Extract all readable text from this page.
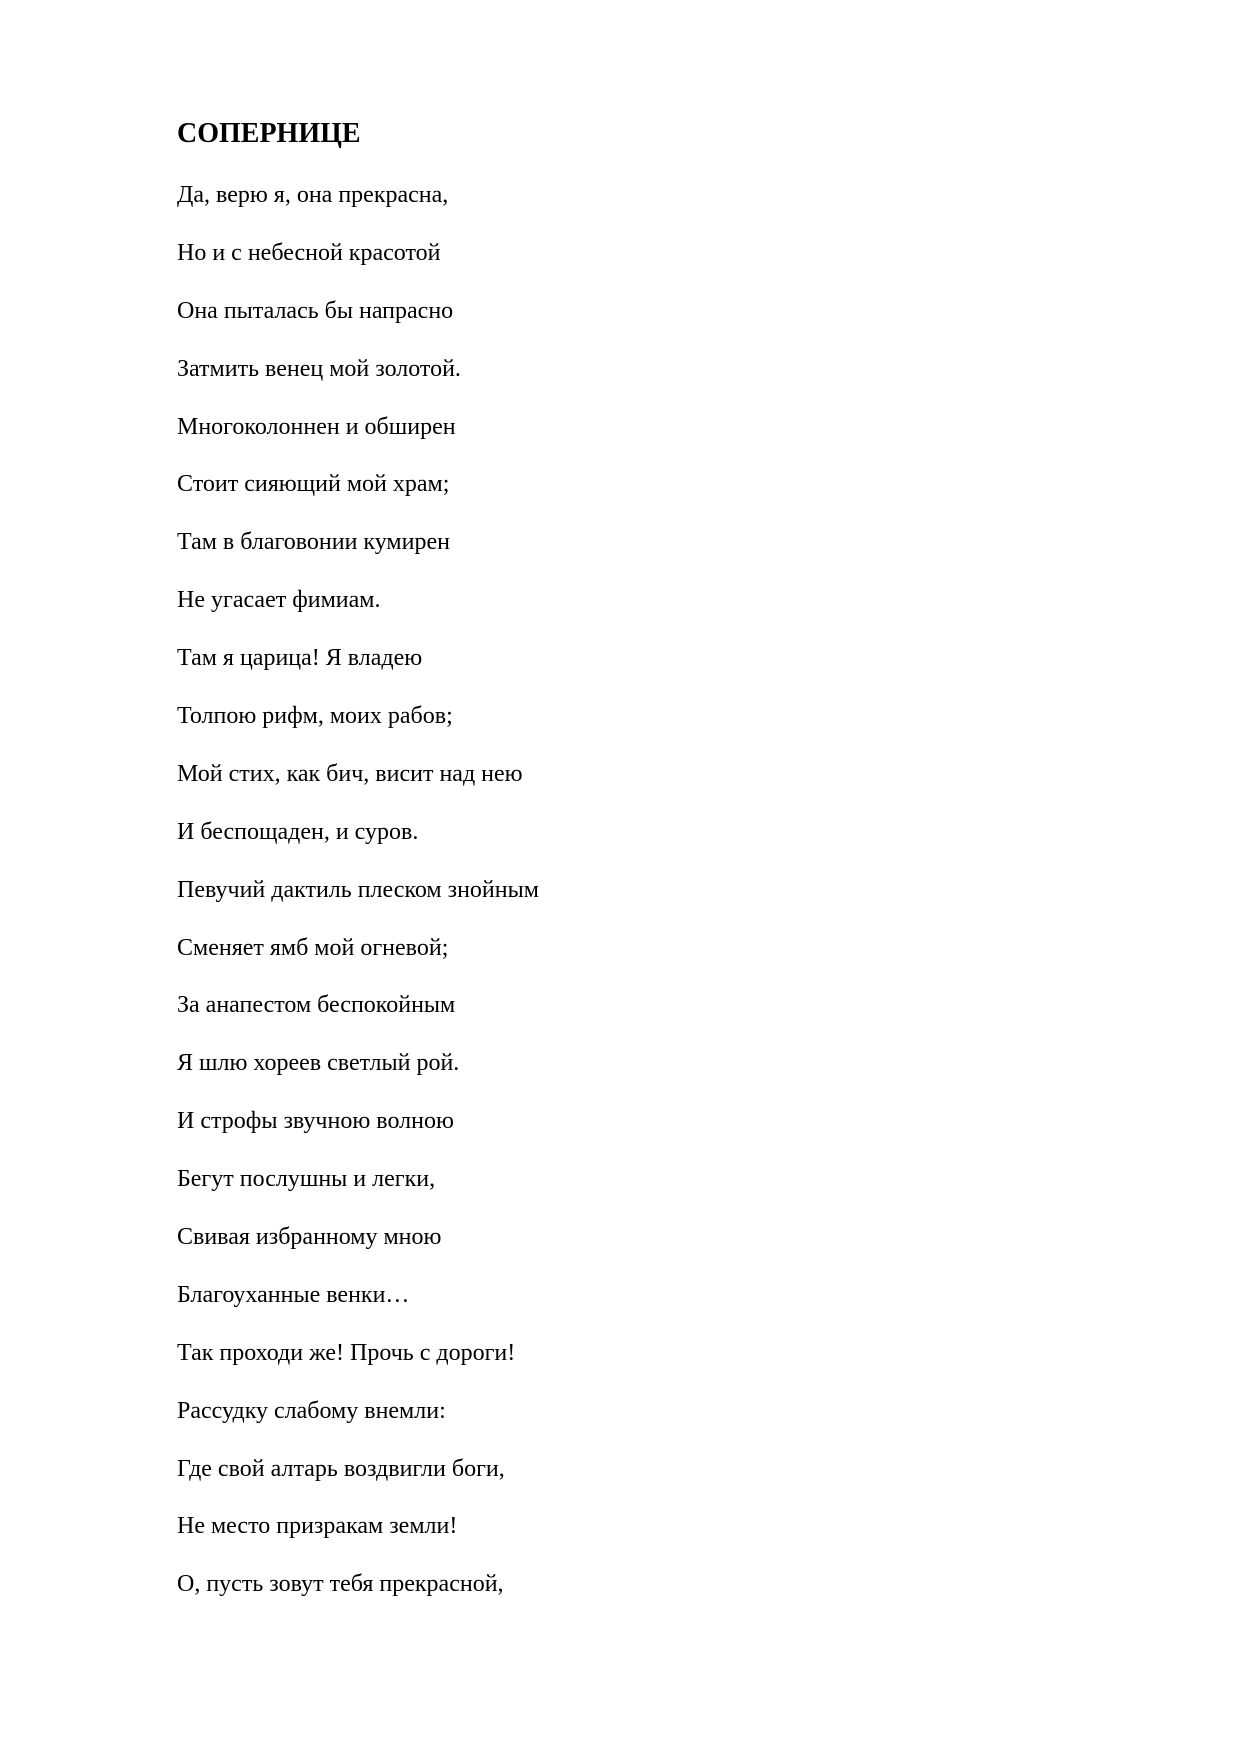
СОПЕРНИЦЕ
Да, верю я, она прекрасна,
Но и с небесной красотой
Она пыталась бы напрасно
Затмить венец мой золотой.
Многоколоннен и обширен
Стоит сияющий мой храм;
Там в благовонии кумирен
Не угасает фимиам.
Там я царица! Я владею
Толпою рифм, моих рабов;
Мой стих, как бич, висит над нею
И беспощаден, и суров.
Певучий дактиль плеском знойным
Сменяет ямб мой огневой;
За анапестом беспокойным
Я шлю хореев светлый рой.
И строфы звучною волною
Бегут послушны и легки,
Свивая избранному мною
Благоуханные венки…
Так проходи же! Прочь с дороги!
Рассудку слабому внемли:
Где свой алтарь воздвигли боги,
Не место призракам земли!
О, пусть зовут тебя прекрасной,
